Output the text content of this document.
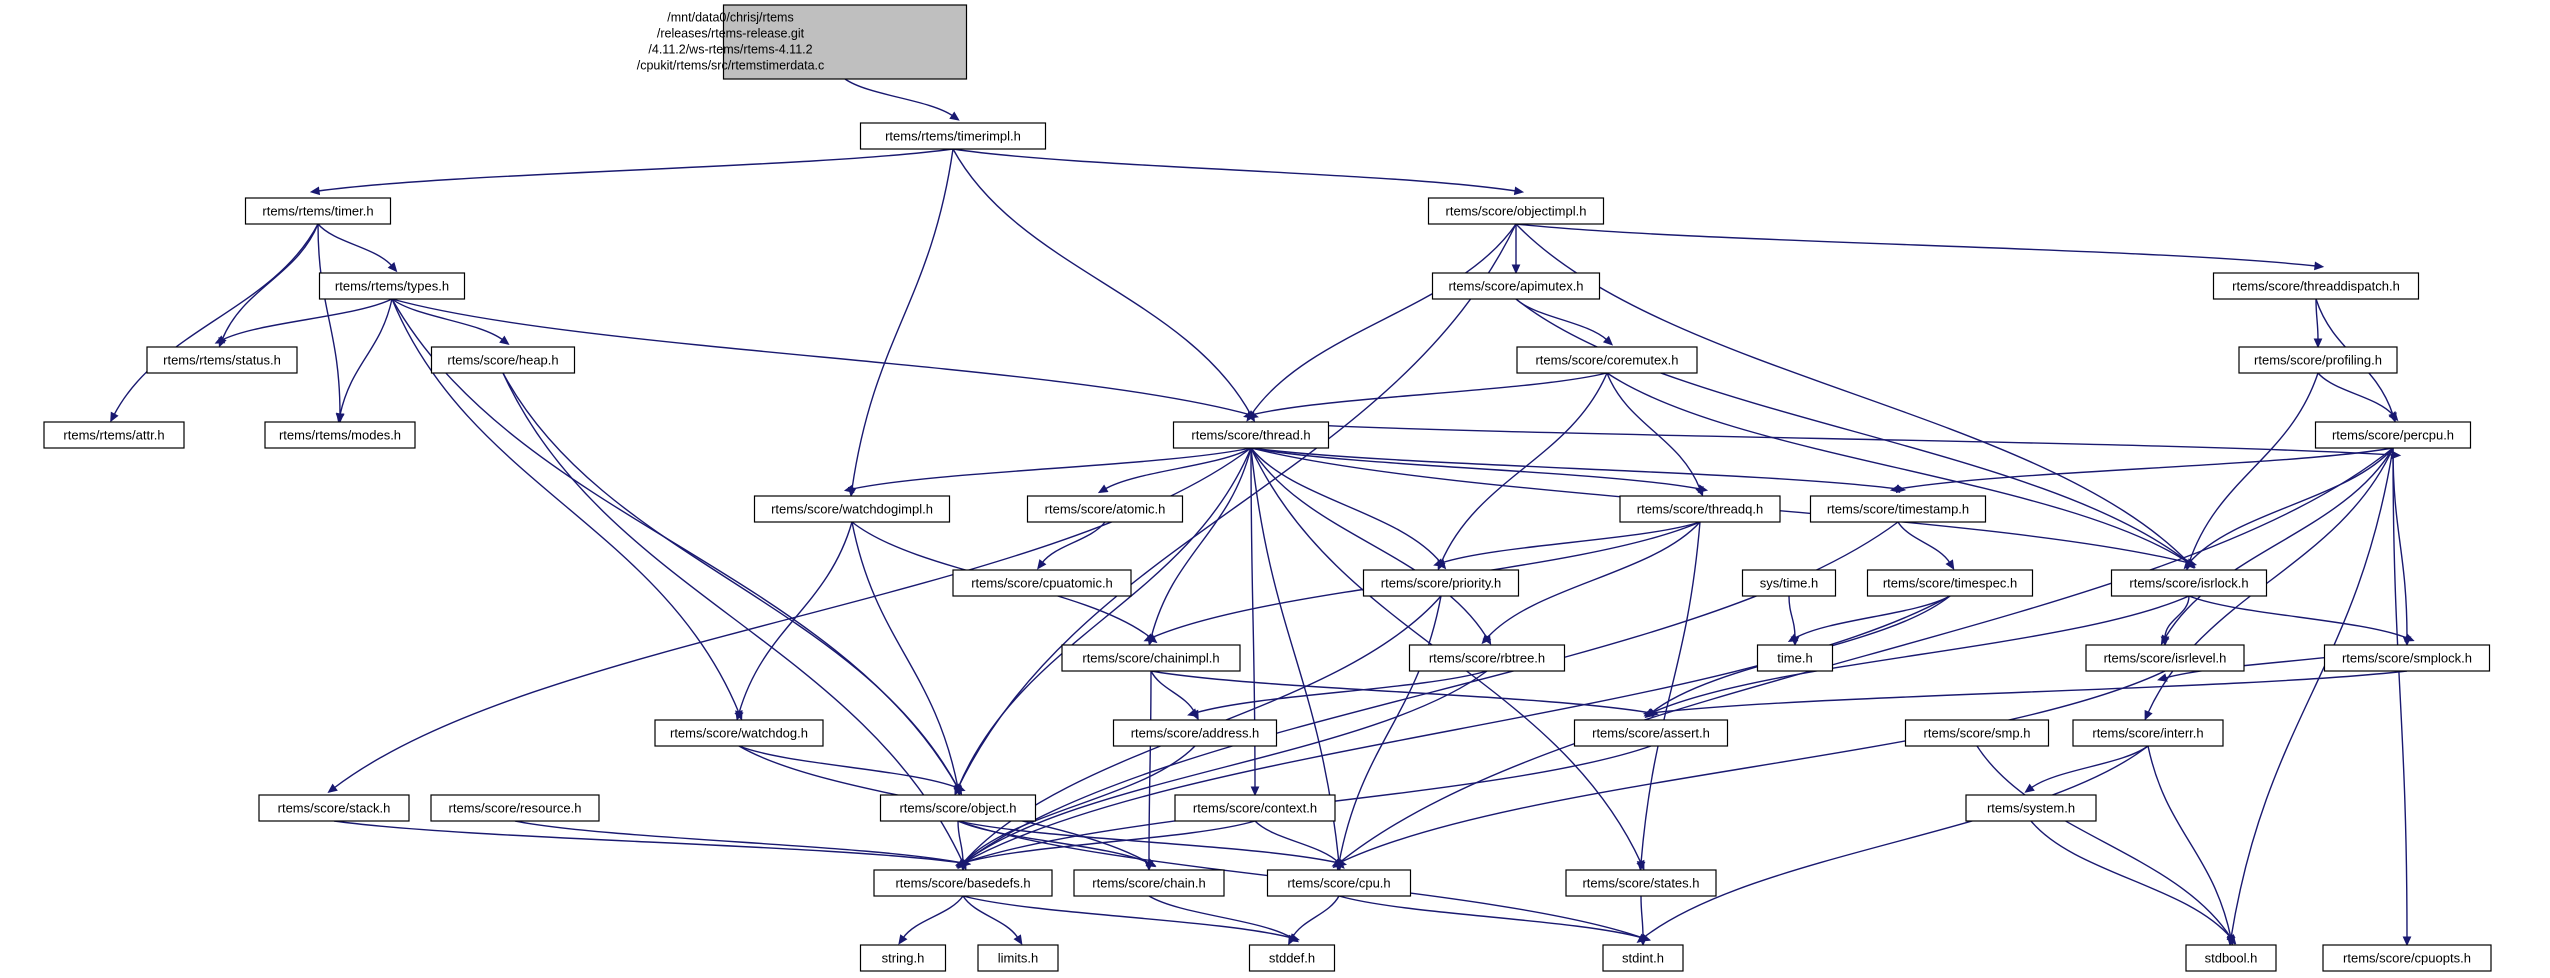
/mnt/data0/chrisj/rtems
/releases/rtems-release.git
/4.11.2/ws-rtems/rtems-4.11.2
/cpukit/rtems/src/rtemstimerdata.c
rtems/rtems/timerimpl.h
rtems/rtems/timer.h	rtems/score/objectimpl.h
rtems/rtems/types.h	rtems/score/apimutex.h	rtems/score/threaddispatch.h
rtems/rtems/status.h	rtems/score/heap.h	rtems/score/coremutex.h	rtems/score/profiling.h
rtems/rtems/attr.h	rtems/rtems/modes.h	rtems/score/thread.h	rtems/score/percpu.h
rtems/score/watchdogimpl.h	rtems/score/atomic.h	rtems/score/threadq.h	rtems/score/timestamp.h
rtems/score/cpuatomic.h	rtems/score/priority.h	sys/time.h	rtems/score/timespec.h	rtems/score/isrlock.h
rtems/score/chainimpl.h	rtems/score/rbtree.h	time.h	rtems/score/isrlevel.h	rtems/score/smplock.h
rtems/score/watchdog.h	rtems/score/address.h	rtems/score/assert.h	rtems/score/smp.h	rtems/score/interr.h
rtems/score/stack.h	rtems/score/resource.h	rtems/score/object.h	rtems/score/context.h	rtems/system.h
rtems/score/basedefs.h	rtems/score/chain.h	rtems/score/cpu.h	rtems/score/states.h
string.h	limits.h	stddef.h	stdint.h	stdbool.h	rtems/score/cpuopts.h
